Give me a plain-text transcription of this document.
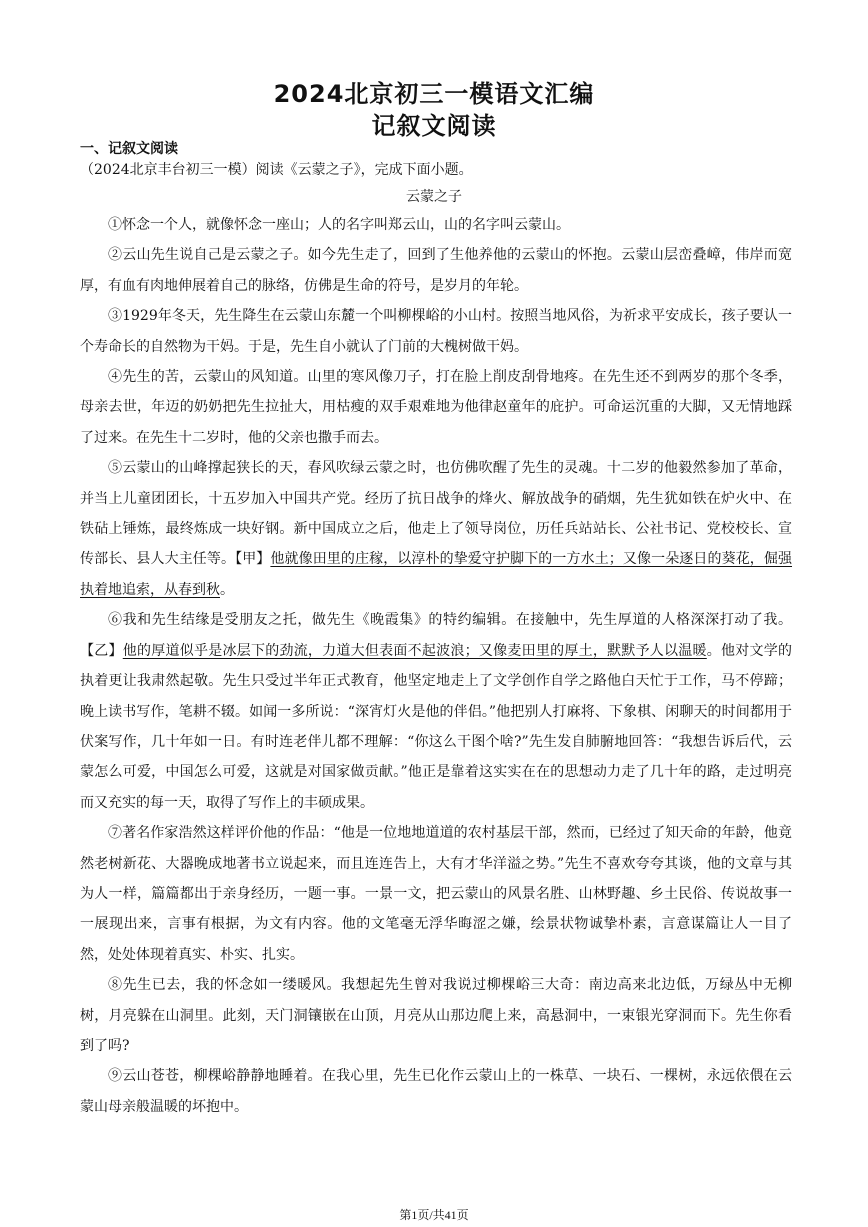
2024北京初三一模语文汇编
记叙文阅读
一、记叙文阅读
（2024北京丰台初三一模）阅读《云蒙之子》，完成下面小题。
云蒙之子

①怀念一个人，就像怀念一座山；人的名字叫郑云山，山的名字叫云蒙山。

②云山先生说自己是云蒙之子。如今先生走了，回到了生他养他的云蒙山的怀抱。云蒙山层峦叠嶂，伟岸而宽厚，有血有肉地伸展着自己的脉络，仿佛是生命的符号，是岁月的年轮。

③1929年冬天，先生降生在云蒙山东麓一个叫柳棵峪的小山村。按照当地风俗，为祈求平安成长，孩子要认一个寿命长的自然物为干妈。于是，先生自小就认了门前的大槐树做干妈。

④先生的苦，云蒙山的风知道。山里的寒风像刀子，打在脸上削皮刮骨地疼。在先生还不到两岁的那个冬季，母亲去世，年迈的奶奶把先生拉扯大，用枯瘦的双手艰难地为他律赵童年的庇护。可命运沉重的大脚，又无情地踩了过来。在先生十二岁时，他的父亲也撒手而去。

⑤云蒙山的山峰撑起狭长的天，春风吹绿云蒙之时，也仿佛吹醒了先生的灵魂。十二岁的他毅然参加了革命，并当上儿童团团长，十五岁加入中国共产党。经历了抗日战争的烽火、解放战争的硝烟，先生犹如铁在炉火中、在铁砧上锤炼，最终炼成一块好钢。新中国成立之后，他走上了领导岗位，历任兵站站长、公社书记、党校校长、宣传部长、县人大主任等。【甲】他就像田里的庄稼，以淳朴的挚爱守护脚下的一方水土；又像一朵逐日的葵花，倔强执着地追索，从春到秋。

⑥我和先生结缘是受朋友之托，做先生《晚霞集》的特约编辑。在接触中，先生厚道的人格深深打动了我。【乙】他的厚道似乎是冰层下的劲流，力道大但表面不起波浪；又像麦田里的厚土，默默予人以温暖。他对文学的执着更让我肃然起敬。先生只受过半年正式教育，他坚定地走上了文学创作自学之路他白天忙于工作，马不停蹄；晚上读书写作，笔耕不辍。如闻一多所说：“深宵灯火是他的伴侣。”他把别人打麻将、下象棋、闲聊天的时间都用于伏案写作，几十年如一日。有时连老伴儿都不理解：“你这么干图个啥?”先生发自肺腑地回答：“我想告诉后代，云蒙怎么可爱，中国怎么可爱，这就是对国家做贡献。”他正是靠着这实实在在的思想动力走了几十年的路，走过明亮而又充实的每一天，取得了写作上的丰硕成果。

⑦著名作家浩然这样评价他的作品：“他是一位地地道道的农村基层干部，然而，已经过了知天命的年龄，他竟然老树新花、大器晚成地著书立说起来，而且连连告上，大有才华洋溢之势。”先生不喜欢夸夸其谈，他的文章与其为人一样，篇篇都出于亲身经历，一题一事。一景一文，把云蒙山的风景名胜、山林野趣、乡土民俗、传说故事一一展现出来，言事有根据，为文有内容。他的文笔毫无浮华晦涩之嫌，绘景状物诚挚朴素，言意谋篇让人一目了然，处处体现着真实、朴实、扎实。

⑧先生已去，我的怀念如一缕暖风。我想起先生曾对我说过柳棵峪三大奇：南边高来北边低，万绿丛中无柳树，月亮躲在山洞里。此刻，天门洞镶嵌在山顶，月亮从山那边爬上来，高悬洞中，一束银光穿洞而下。先生你看到了吗?

⑨云山苍苍，柳棵峪静静地睡着。在我心里，先生已化作云蒙山上的一株草、一块石、一棵树，永远依偎在云蒙山母亲般温暖的坏抱中。

第1页/共41页
